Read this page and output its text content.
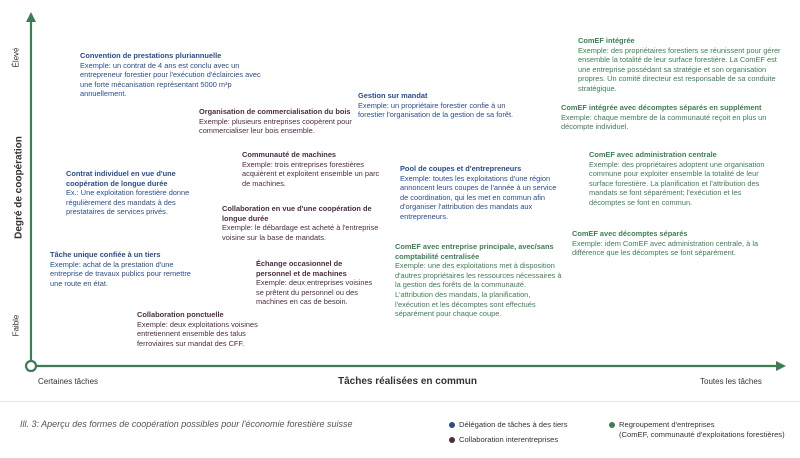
Élevé
Faible
Degré de coopération
Certaines tâches	Tâches réalisées en commun	Toutes les tâches
Convention de prestations pluriannuelle
Exemple: un contrat de 4 ans est conclu avec un entrepreneur forestier pour l'exécution d'éclaircies avec une forte mécanisation représentant 5000 m³p annuellement.
Organisation de commercialisation du bois
Exemple: plusieurs entreprises coopèrent pour commercialiser leur bois ensemble.
Gestion sur mandat
Exemple: un propriétaire forestier confie à un forestier l'organisation de la gestion de sa forêt.
ComEF intégrée
Exemple: des propriétaires forestiers se réunissent pour gérer ensemble la totalité de leur surface forestière. La ComEF est une entreprise possédant sa stratégie et son organisation propres. Un comité directeur est responsable de sa conduite stratégique.
ComEF intégrée avec décomptes séparés en supplément
Exemple: chaque membre de la communauté reçoit en plus un décompte individuel.
Communauté de machines
Exemple: trois entreprises forestières acquièrent et exploitent ensemble un parc de machines.
Contrat individuel en vue d'une coopération de longue durée
Ex.: Une exploitation forestière donne régulièrement des mandats à des prestataires de services privés.
Pool de coupes et d'entrepreneurs
Exemple: toutes les exploitations d'une région annoncent leurs coupes de l'année à un service de coordination, qui les met en commun afin d'organiser l'attribution des mandats aux entrepreneurs.
ComEF avec administration centrale
Exemple: des propriétaires adoptent une organisation commune pour exploiter ensemble la totalité de leur surface forestière. La planification et l'attribution des mandats se font séparément; l'exécution et les décomptes se font en commun.
Collaboration en vue d'une coopération de longue durée
Exemple: le débardage est acheté à l'entreprise voisine sur la base de mandats.	ComEF avec décomptes séparés
Exemple: idem ComEF avec administration centrale, à la différence que les décomptes se font séparément.
Tâche unique confiée à un tiers
Exemple: achat de la prestation d'une entreprise de travaux publics pour remettre une route en état.
Échange occasionnel de personnel et de machines
Exemple: deux entreprises voisines se prêtent du personnel ou des machines en cas de besoin.
ComEF avec entreprise principale, avec/sans comptabilité centralisée
Exemple: une des exploitations met à disposition d'autres propriétaires les ressources nécessaires à la gestion des forêts de la communauté. L'attribution des mandats, la planification, l'exécution et les décomptes sont effectués séparément pour chaque coupe.
Collaboration ponctuelle
Exemple: deux exploitations voisines entretiennent ensemble des talus ferroviaires sur mandat des CFF.
Ill. 3: Aperçu des formes de coopération possibles pour l'économie forestière suisse	Délégation de tâches à des tiers
Collaboration interentreprises
Regroupement d'entreprises
(ComEF, communauté d'exploitations forestières)
